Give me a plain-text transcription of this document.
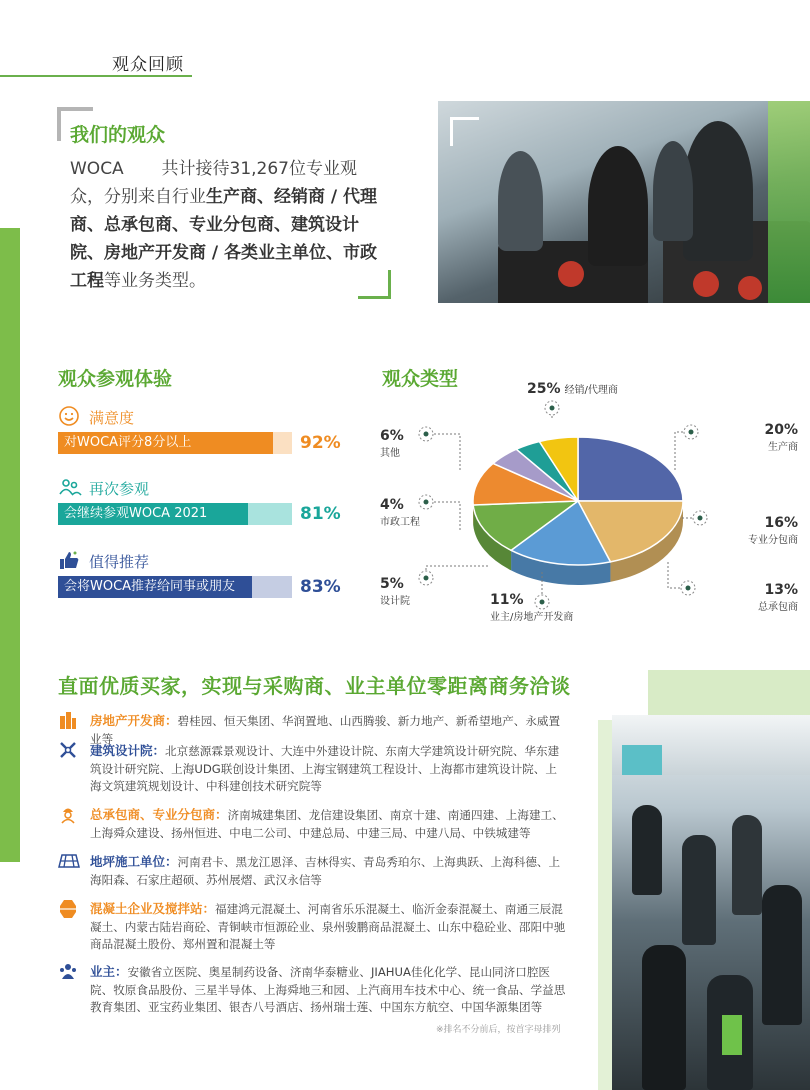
观众回顾
我们的观众
WOCA       共计接待31,267位专业观众，分别来自行业生产商、经销商 / 代理商、总承包商、专业分包商、建筑设计院、房地产开发商 / 各类业主单位、市政工程等业务类型。
观众参观体验
满意度
对WOCA评分8分以上	92%
再次参观
会继续参观WOCA 2021	81%
值得推荐
会将WOCA推荐给同事或朋友	83%
观众类型	25% 经销/代理商
20%
生产商
16%
专业分包商
13%
总承包商
11%
业主/房地产开发商
5%
设计院
4%
市政工程
6%
其他
直面优质买家，实现与采购商、业主单位零距离商务洽谈
房地产开发商：碧桂园、恒天集团、华润置地、山西腾骏、新力地产、新希望地产、永威置业等
建筑设计院：北京慈源霖景观设计、大连中外建设计院、东南大学建筑设计研究院、华东建筑设计研究院、上海UDG联创设计集团、上海宝钢建筑工程设计、上海都市建筑设计院、上海文筑建筑规划设计、中科建创技术研究院等
总承包商、专业分包商：济南城建集团、龙信建设集团、南京十建、南通四建、上海建工、上海舜众建设、扬州恒进、中电二公司、中建总局、中建三局、中建八局、中铁城建等
地坪施工单位：河南君卡、黑龙江恩泽、吉林得实、青岛秀珀尔、上海典跃、上海科德、上海阳森、石家庄超硕、苏州展熠、武汉永信等
混凝土企业及搅拌站：福建鸿元混凝土、河南省乐乐混凝土、临沂金泰混凝土、南通三辰混凝土、内蒙古陆岩商砼、青铜峡市恒源砼业、泉州骏鹏商品混凝土、山东中稳砼业、邵阳中驰商品混凝土股份、郑州置和混凝土等
业主：安徽省立医院、奥星制药设备、济南华泰糖业、JIAHUA佳化化学、昆山同济口腔医院、牧原食品股份、三星半导体、上海舜地三和园、上汽商用车技术中心、统一食品、学益思教育集团、亚宝药业集团、银杏八号酒店、扬州瑞士莲、中国东方航空、中国华源集团等
※排名不分前后，按首字母排列
